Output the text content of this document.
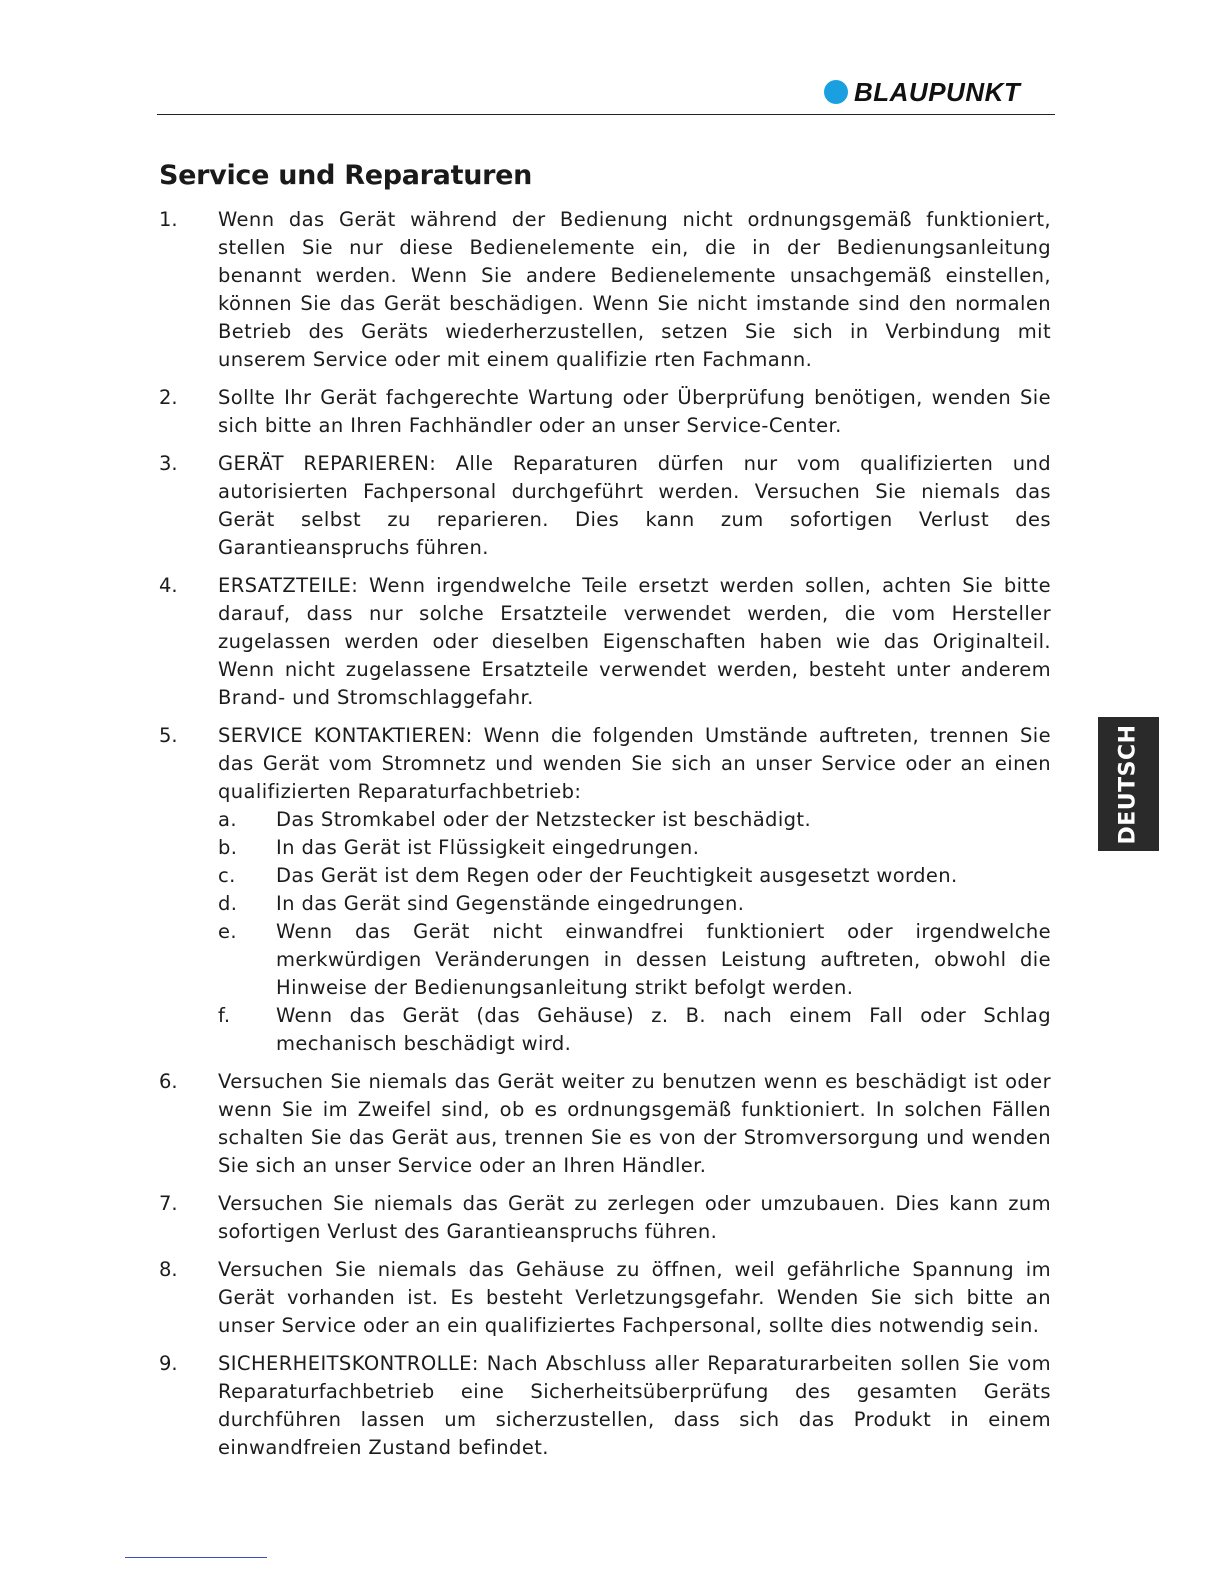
BLAUPUNKT
Service und Reparaturen
1.	Wenn das Gerät während der Bedienung nicht ordnungsgemäß funktioniert, stellen Sie nur diese Bedienelemente ein, die in der Bedienungsanleitung benannt werden. Wenn Sie andere Bedienelemente unsachgemäß einstellen, können Sie das Gerät beschädigen. Wenn Sie nicht imstande sind den normalen Betrieb des Geräts wiederherzustellen, setzen Sie sich in Verbindung mit unserem Service oder mit einem qualifizie rten Fachmann.
2.	Sollte Ihr Gerät fachgerechte Wartung oder Überprüfung benötigen, wenden Sie sich bitte an Ihren Fachhändler oder an unser Service-Center.
3.	GERÄT REPARIEREN: Alle Reparaturen dürfen nur vom qualifizierten und autorisierten Fachpersonal durchgeführt werden. Versuchen Sie niemals das Gerät selbst zu reparieren. Dies kann zum sofortigen Verlust des Garantieanspruchs führen.
4.	ERSATZTEILE: Wenn irgendwelche Teile ersetzt werden sollen, achten Sie bitte darauf, dass nur solche Ersatzteile verwendet werden, die vom Hersteller zugelassen werden oder dieselben Eigenschaften haben wie das Originalteil. Wenn nicht zugelassene Ersatzteile verwendet werden, besteht unter anderem Brand- und Stromschlaggefahr.
5.	SERVICE KONTAKTIEREN: Wenn die folgenden Umstände auftreten, trennen Sie das Gerät vom Stromnetz und wenden Sie sich an unser Service oder an einen qualifizierten Reparaturfachbetrieb:
a.	Das Stromkabel oder der Netzstecker ist beschädigt.
b.	In das Gerät ist Flüssigkeit eingedrungen.
c.	Das Gerät ist dem Regen oder der Feuchtigkeit ausgesetzt worden.
d.	In das Gerät sind Gegenstände eingedrungen.
e.	Wenn das Gerät nicht einwandfrei funktioniert oder irgendwelche merkwürdigen Veränderungen in dessen Leistung auftreten, obwohl die Hinweise der Bedienungsanleitung strikt befolgt werden.
f.	Wenn das Gerät (das Gehäuse) z. B. nach einem Fall oder Schlag mechanisch beschädigt wird.
6.	Versuchen Sie niemals das Gerät weiter zu benutzen wenn es beschädigt ist oder wenn Sie im Zweifel sind, ob es ordnungsgemäß funktioniert. In solchen Fällen schalten Sie das Gerät aus, trennen Sie es von der Stromversorgung und wenden Sie sich an unser Service oder an Ihren Händler.
7.	Versuchen Sie niemals das Gerät zu zerlegen oder umzubauen. Dies kann zum sofortigen Verlust des Garantieanspruchs führen.
8.	Versuchen Sie niemals das Gehäuse zu öffnen, weil gefährliche Spannung im Gerät vorhanden ist. Es besteht Verletzungsgefahr. Wenden Sie sich bitte an unser Service oder an ein qualifiziertes Fachpersonal, sollte dies notwendig sein.
9.	SICHERHEITSKONTROLLE: Nach Abschluss aller Reparaturarbeiten sollen Sie vom Reparaturfachbetrieb eine Sicherheitsüberprüfung des gesamten Geräts durchführen lassen um sicherzustellen, dass sich das Produkt in einem einwandfreien Zustand befindet.
DEUTSCH
